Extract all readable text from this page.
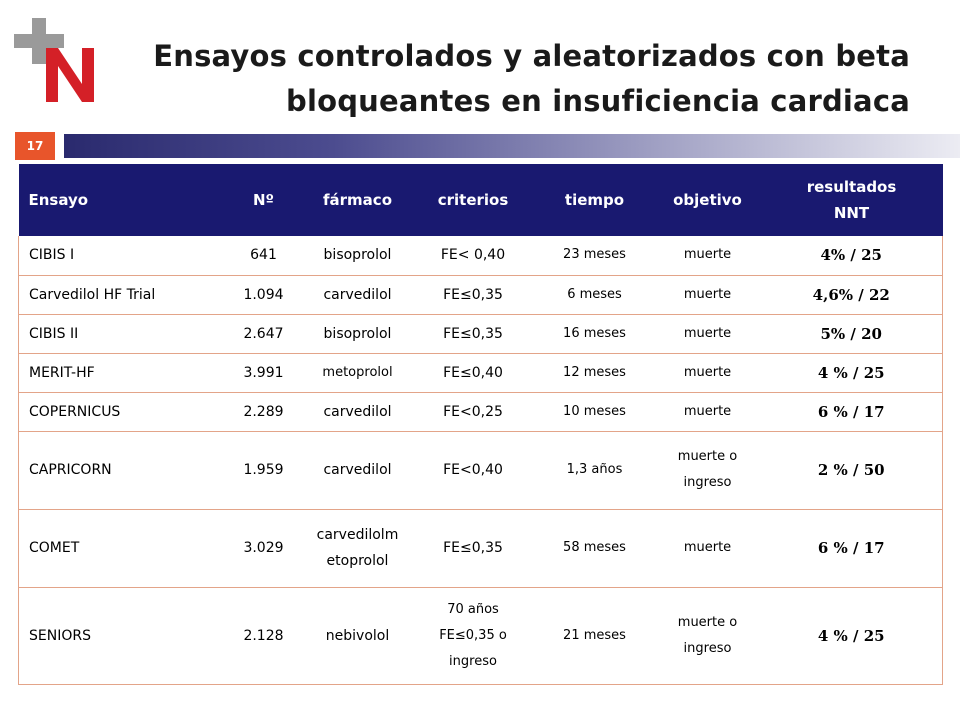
Ensayos controlados y aleatorizados con beta
bloqueantes en insuficiencia cardiaca
17
Ensayo	Nº	fármaco	criterios	tiempo	objetivo	resultados NNT
CIBIS I	641	bisoprolol	FE< 0,40	23 meses	muerte	4% / 25
Carvedilol HF Trial	1.094	carvedilol	FE≤0,35	6 meses	muerte	4,6% / 22
CIBIS II	2.647	bisoprolol	FE≤0,35	16 meses	muerte	5% / 20
MERIT-HF	3.991	metoprolol	FE≤0,40	12 meses	muerte	4 % / 25
COPERNICUS	2.289	carvedilol	FE<0,25	10 meses	muerte	6 % / 17
CAPRICORN	1.959	carvedilol	FE<0,40	1,3 años	muerte o ingreso	2 % / 50
COMET	3.029	carvedilolm etoprolol	FE≤0,35	58 meses	muerte	6 % / 17
SENIORS	2.128	nebivolol	70 años FE≤0,35 o ingreso	21 meses	muerte o ingreso	4 % / 25
